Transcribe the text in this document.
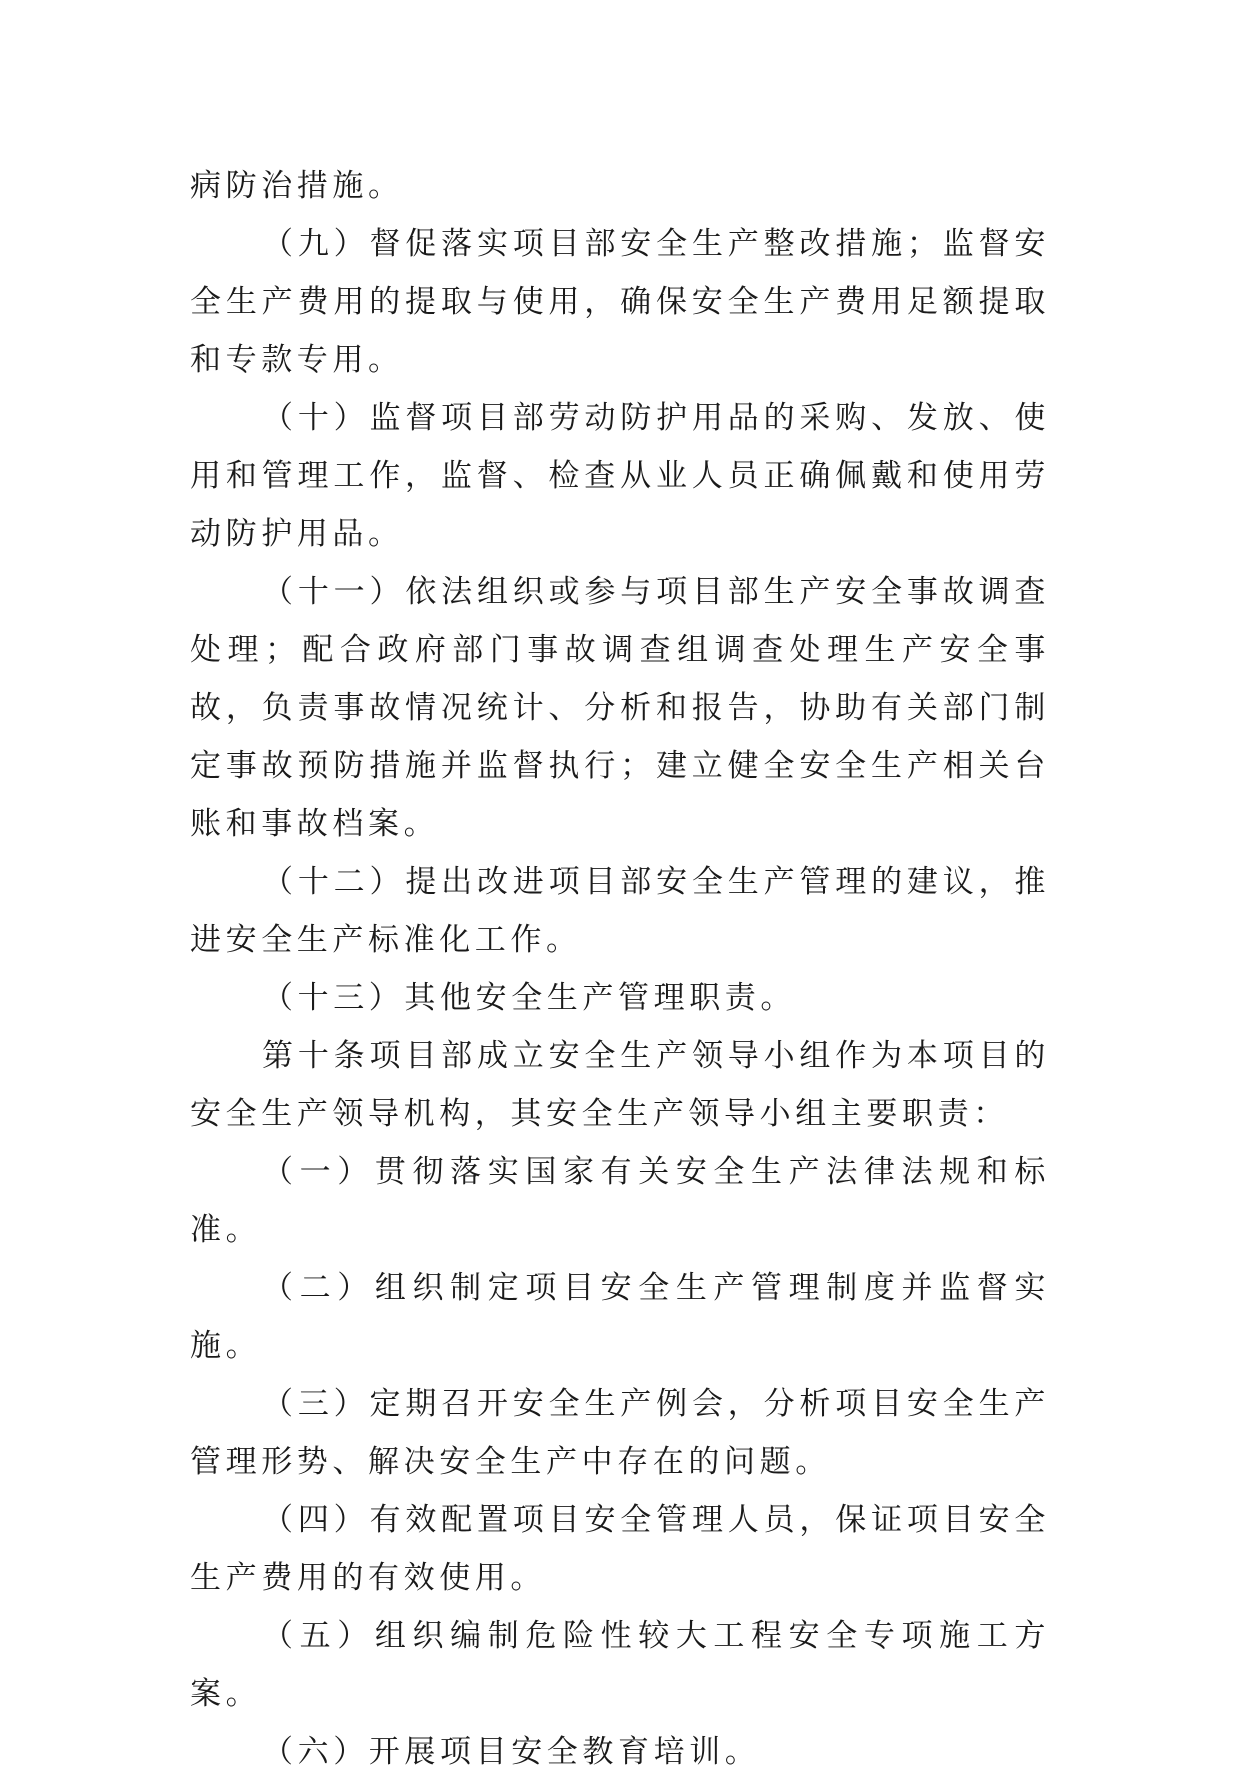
病防治措施。

（九）督促落实项目部安全生产整改措施；监督安全生产费用的提取与使用，确保安全生产费用足额提取和专款专用。

（十）监督项目部劳动防护用品的采购、发放、使用和管理工作，监督、检查从业人员正确佩戴和使用劳动防护用品。

（十一）依法组织或参与项目部生产安全事故调查处理；配合政府部门事故调查组调查处理生产安全事故，负责事故情况统计、分析和报告，协助有关部门制定事故预防措施并监督执行；建立健全安全生产相关台账和事故档案。

（十二）提出改进项目部安全生产管理的建议，推进安全生产标准化工作。

（十三）其他安全生产管理职责。

第十条项目部成立安全生产领导小组作为本项目的安全生产领导机构，其安全生产领导小组主要职责：

（一）贯彻落实国家有关安全生产法律法规和标准。

（二）组织制定项目安全生产管理制度并监督实施。

（三）定期召开安全生产例会，分析项目安全生产管理形势、解决安全生产中存在的问题。

（四）有效配置项目安全管理人员，保证项目安全生产费用的有效使用。

（五）组织编制危险性较大工程安全专项施工方案。

（六）开展项目安全教育培训。
